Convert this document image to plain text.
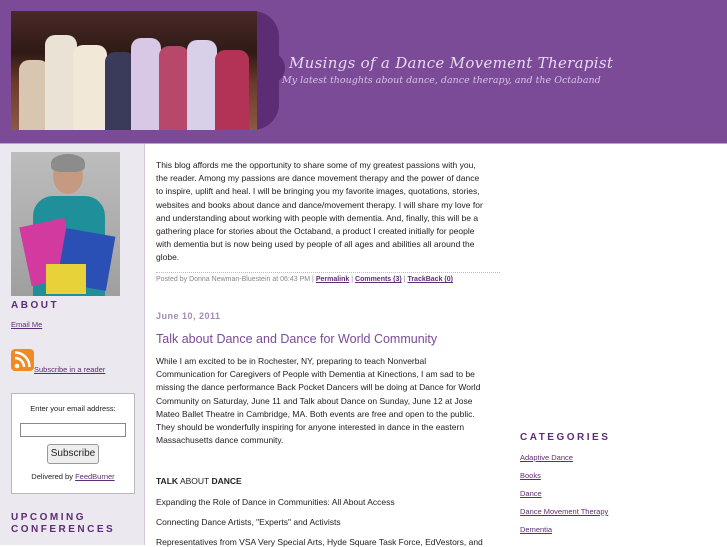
Musings of a Dance Movement Therapist
My latest thoughts about dance, dance therapy, and the Octaband
ABOUT
Email Me
Subscribe in a reader
Enter your email address:
Subscribe
Delivered by FeedBurner
UPCOMING
CONFERENCES

This blog affords me the opportunity to share some of my greatest passions with you,

the reader. Among my passions are dance movement therapy and the power of dance

to inspire, uplift and heal. I will be bringing you my favorite images, quotations, stories,

websites and books about dance and dance/movement therapy. I will share my love for

and understanding about working with people with dementia. And, finally, this will be a

gathering place for stories about the Octaband, a product I created initially for people

with dementia but is now being used by people of all ages and abilities all around the

globe.

Posted by Donna Newman-Bluestein at 06:43 PM | Permalink | Comments (3) | TrackBack (0)
June 10, 2011
Talk about Dance and Dance for World Community

While I am excited to be in Rochester, NY, preparing to teach Nonverbal

Communication for Caregivers of People with Dementia at Kinections, I am sad to be

missing the dance performance Back Pocket Dancers will be doing at Dance for World

Community on Saturday, June 11 and Talk about Dance on Sunday, June 12 at Jose

Mateo Ballet Theatre in Cambridge, MA. Both events are free and open to the public.

They should be wonderfully inspiring for anyone interested in dance in the eastern

Massachusetts dance community.

TALK ABOUT DANCE
Expanding the Role of Dance in Communities: All About Access
Connecting Dance Artists, "Experts" and Activists
Representatives from VSA Very Special Arts, Hyde Square Task Force, EdVestors, and
CATEGORIES
Adaptive Dance
Books
Dance
Dance Movement Therapy
Dementia
